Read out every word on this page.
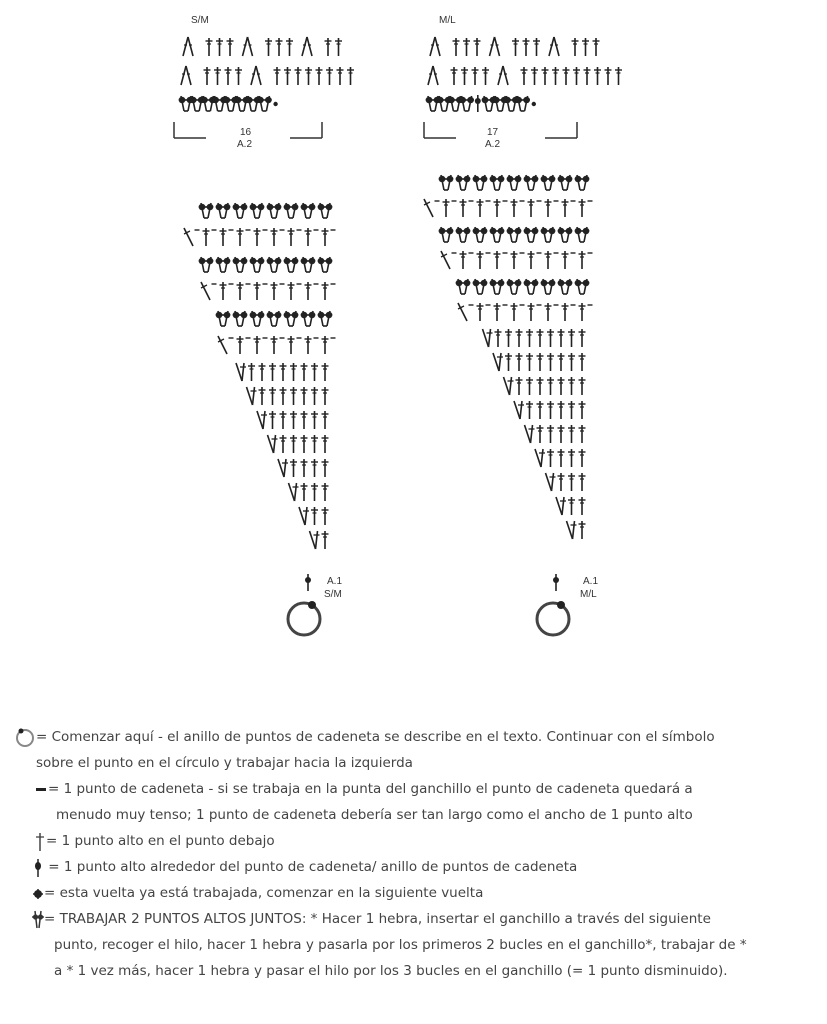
S/M
16
A.2
A.1
S/M
M/L
17
A.2
A.1
M/L
= Comenzar aquí - el anillo de puntos de cadeneta se describe en el texto. Continuar con el símbolo
sobre el punto en el círculo y trabajar hacia la izquierda
= 1 punto de cadeneta - si se trabaja en la punta del ganchillo el punto de cadeneta quedará a
menudo muy tenso; 1 punto de cadeneta debería ser tan largo como el ancho de 1 punto alto
= 1 punto alto en el punto debajo
= 1 punto alto alrededor del punto de cadeneta/ anillo de puntos de cadeneta
= esta vuelta ya está trabajada, comenzar en la siguiente vuelta
= TRABAJAR 2 PUNTOS ALTOS JUNTOS: * Hacer 1 hebra, insertar el ganchillo a través del siguiente
punto, recoger el hilo, hacer 1 hebra y pasarla por los primeros 2 bucles en el ganchillo*, trabajar de *
a * 1 vez más, hacer 1 hebra y pasar el hilo por los 3 bucles en el ganchillo (= 1 punto disminuido).
